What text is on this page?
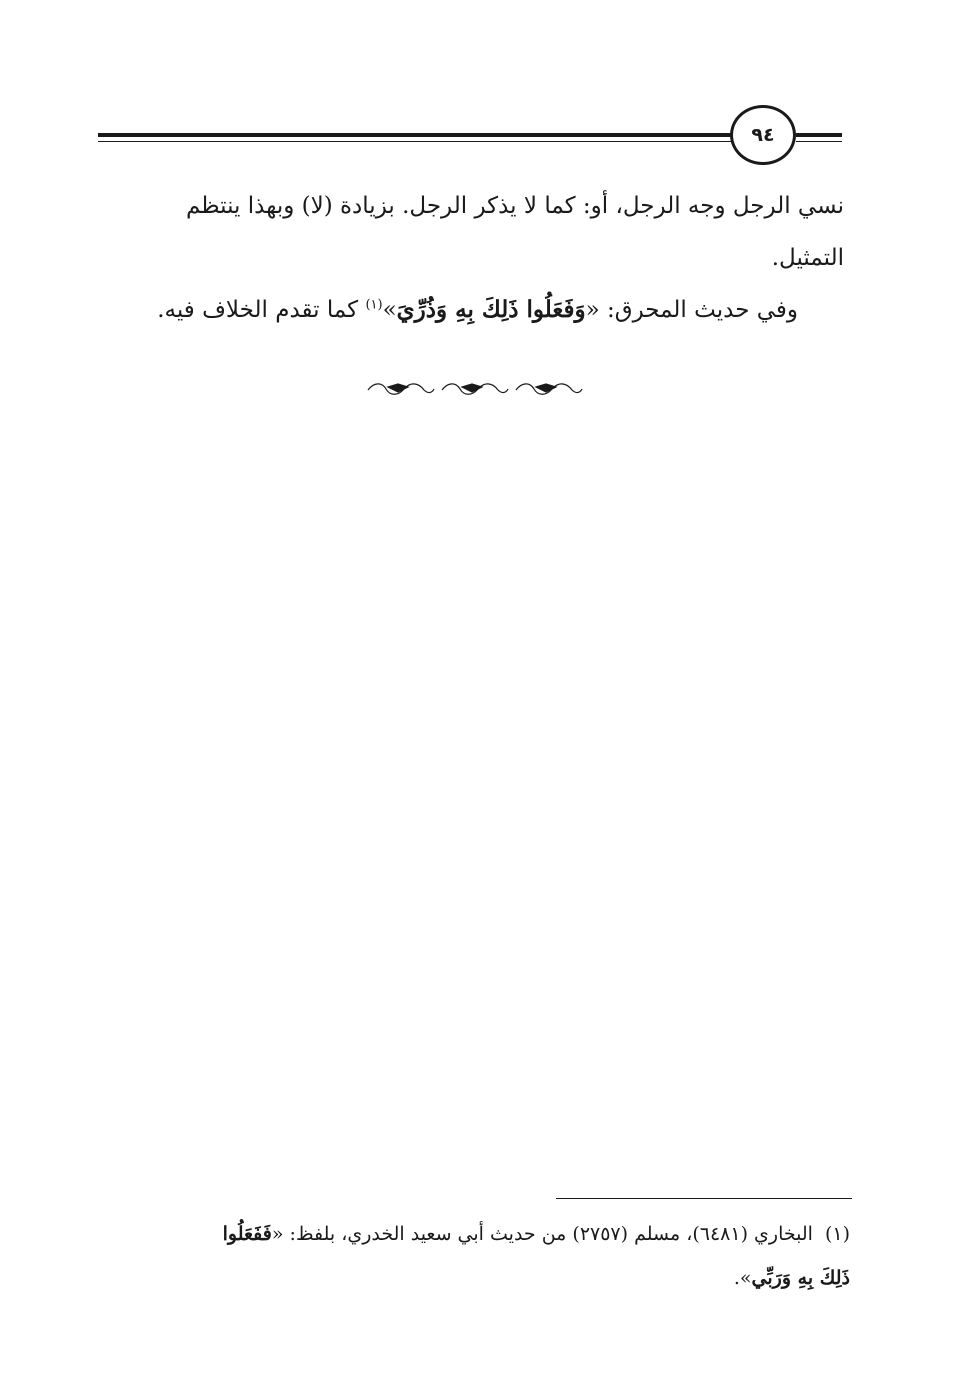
٩٤

نسي الرجل وجه الرجل، أو: كما لا يذكر الرجل. بزيادة (لا) وبهذا ينتظم
التمثيل.

وفي حديث المحرق: «وَفَعَلُوا ذَلِكَ بِهِ وَذُرِّيَ»$^{(١)}$ كما تقدم الخلاف فيه.

(١)البخاري (٦٤٨١)، مسلم (٢٧٥٧) من حديث أبي سعيد الخدري، بلفظ: «فَفَعَلُوا

ذَلِكَ بِهِ وَرَبِّي».
